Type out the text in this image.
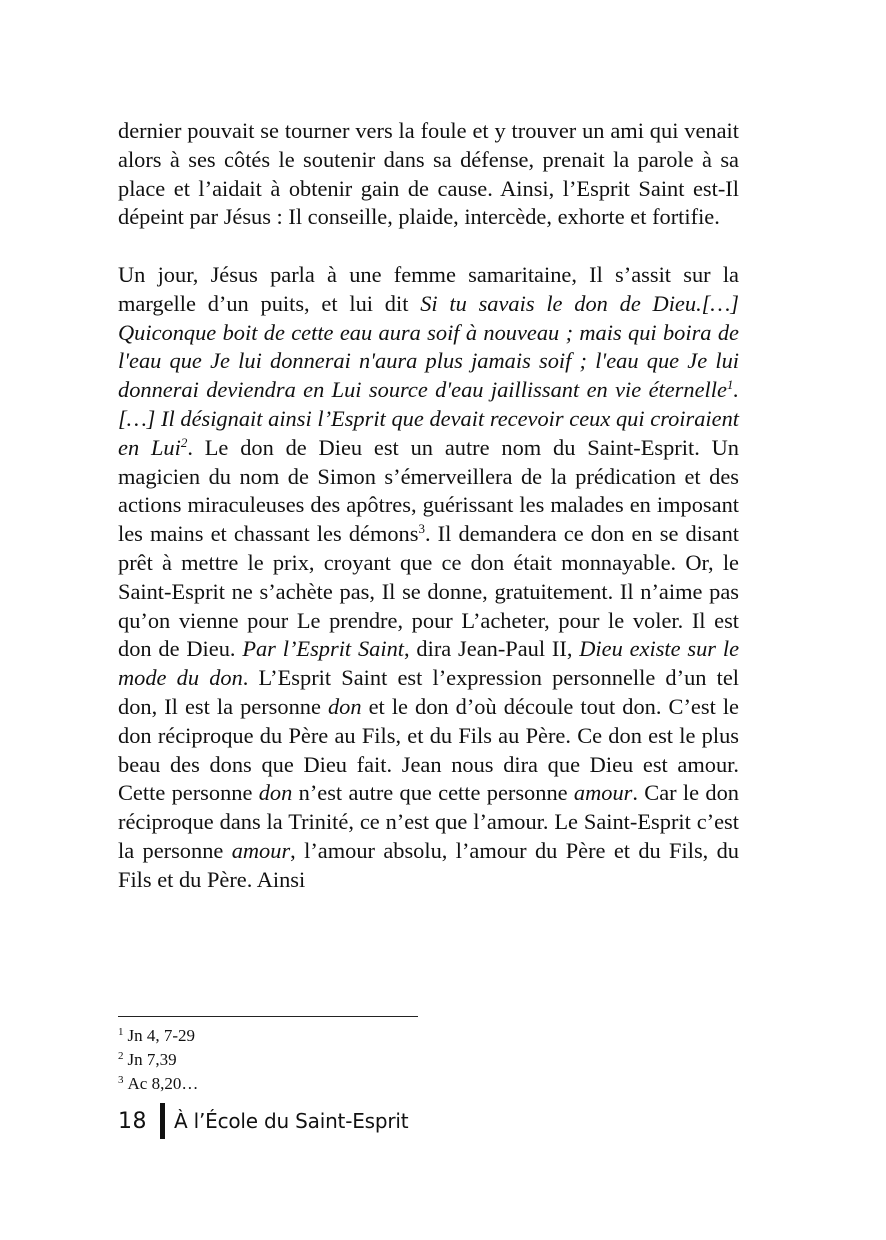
dernier pouvait se tourner vers la foule et y trouver un ami qui venait alors à ses côtés le soutenir dans sa défense, prenait la parole à sa place et l’aidait à obtenir gain de cause. Ainsi, l’Esprit Saint est-Il dépeint par Jésus : Il conseille, plaide, intercède, exhorte et fortifie.

Un jour, Jésus parla à une femme samaritaine, Il s’assit sur la margelle d’un puits, et lui dit Si tu savais le don de Dieu.[…] Quiconque boit de cette eau aura soif à nouveau ; mais qui boira de l'eau que Je lui donnerai n'aura plus jamais soif ; l'eau que Je lui donnerai deviendra en Lui source d'eau jaillissant en vie éternelle$^1$.[…] Il désignait ainsi l’Esprit que devait recevoir ceux qui croiraient en Lui$^2$. Le don de Dieu est un autre nom du Saint-Esprit. Un magicien du nom de Simon s’émerveillera de la prédication et des actions miraculeuses des apôtres, guérissant les malades en imposant les mains et chassant les démons$^3$. Il demandera ce don en se disant prêt à mettre le prix, croyant que ce don était monnayable. Or, le Saint-Esprit ne s’achète pas, Il se donne, gratuitement. Il n’aime pas qu’on vienne pour Le prendre, pour L’acheter, pour le voler. Il est don de Dieu. Par l’Esprit Saint, dira Jean-Paul II, Dieu existe sur le mode du don. L’Esprit Saint est l’expression personnelle d’un tel don, Il est la personne don et le don d’où découle tout don. C’est le don réciproque du Père au Fils, et du Fils au Père. Ce don est le plus beau des dons que Dieu fait. Jean nous dira que Dieu est amour. Cette personne don n’est autre que cette personne amour. Car le don réciproque dans la Trinité, ce n’est que l’amour. Le Saint-Esprit c’est la personne amour, l’amour absolu, l’amour du Père et du Fils, du Fils et du Père. Ainsi

$^1$ Jn 4, 7-29
$^2$ Jn 7,39
$^3$ Ac 8,20…
18 À l’École du Saint-Esprit
